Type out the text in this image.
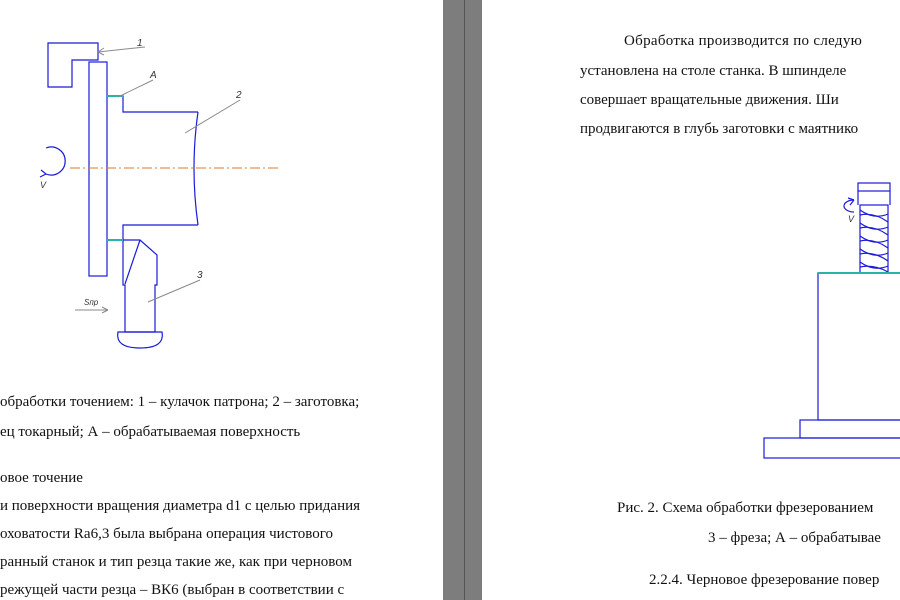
1
A
2
3
V
Sпр
обработки точением: 1 – кулачок патрона; 2 – заготовка;
ец токарный; А – обрабатываемая поверхность
овое точение
и поверхности вращения диаметра d1 с целью придания
оховатости Ra6,3 была выбрана операция чистового
ранный станок и тип резца такие же, как при черновом
режущей части резца – ВК6 (выбран в соответствии с
Обработка производится по следую
установлена на столе станка. В шпинделе
совершает вращательные движения. Ши
продвигаются в глубь заготовки с маятнико
V
Рис. 2. Схема обработки фрезерованием
3 – фреза; А – обрабатывае
2.2.4. Черновое фрезерование повер
